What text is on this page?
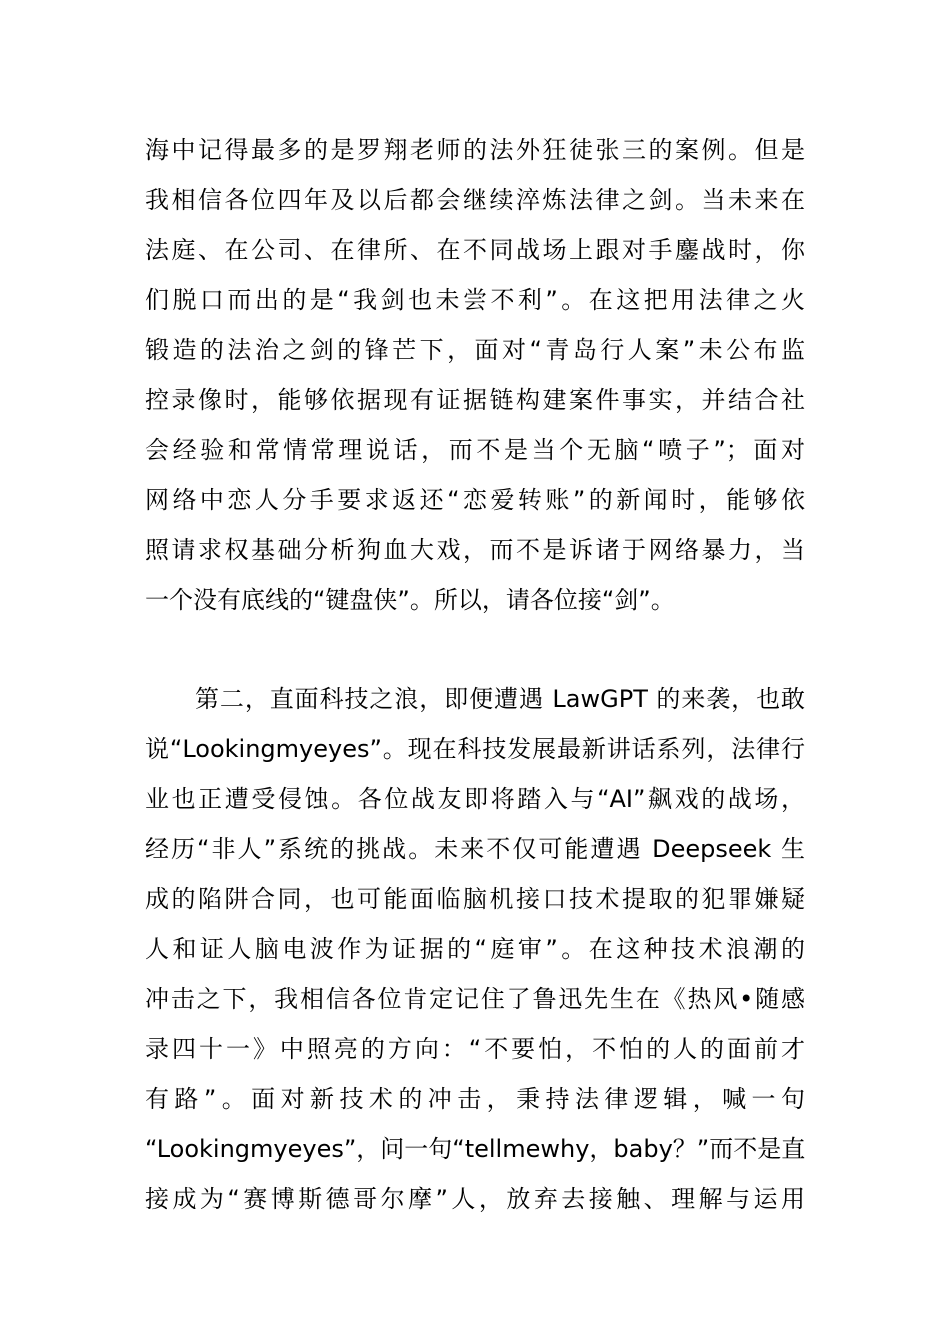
海中记得最多的是罗翔老师的法外狂徒张三的案例。但是
我相信各位四年及以后都会继续淬炼法律之剑。当未来在
法庭、在公司、在律所、在不同战场上跟对手鏖战时，你
们脱口而出的是“我剑也未尝不利”。在这把用法律之火
锻造的法治之剑的锋芒下，面对“青岛行人案”未公布监
控录像时，能够依据现有证据链构建案件事实，并结合社
会经验和常情常理说话，而不是当个无脑“喷子”；面对
网络中恋人分手要求返还“恋爱转账”的新闻时，能够依
照请求权基础分析狗血大戏，而不是诉诸于网络暴力，当
一个没有底线的“键盘侠”。所以，请各位接“剑”。
第二，直面科技之浪，即便遭遇 LawGPT 的来袭，也敢
说“Lookingmyeyes”。现在科技发展最新讲话系列，法律行
业也正遭受侵蚀。各位战友即将踏入与“AI”飙戏的战场，
经历“非人”系统的挑战。未来不仅可能遭遇 Deepseek 生
成的陷阱合同，也可能面临脑机接口技术提取的犯罪嫌疑
人和证人脑电波作为证据的“庭审”。在这种技术浪潮的
冲击之下，我相信各位肯定记住了鲁迅先生在《热风•随感
录四十一》中照亮的方向：“不要怕，不怕的人的面前才
有路”。面对新技术的冲击，秉持法律逻辑，喊一句
“Lookingmyeyes”，问一句“tellmewhy，baby？”而不是直
接成为“赛博斯德哥尔摩”人，放弃去接触、理解与运用
